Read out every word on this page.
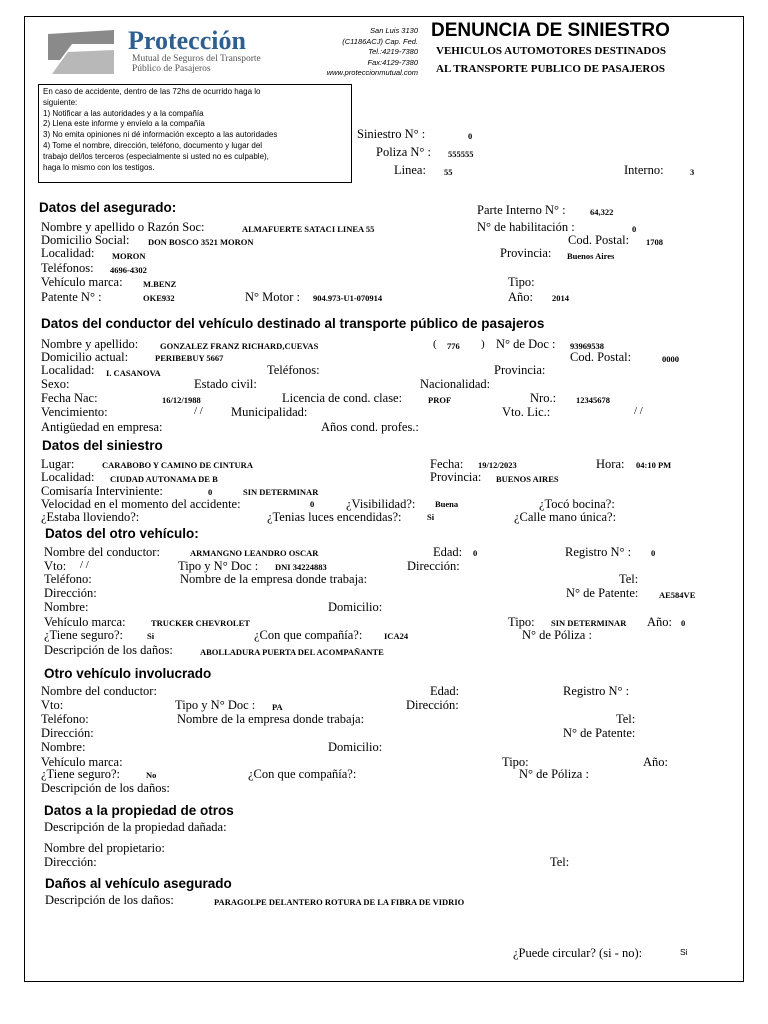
Protección
Mutual de Seguros del Transporte
Público de Pasajeros
San Luis 3130
(C1186ACJ) Cap. Fed.
Tel.:4219-7380
Fax:4129-7380
www.proteccionmutual.com
DENUNCIA DE SINIESTRO
VEHICULOS AUTOMOTORES DESTINADOS
AL TRANSPORTE PUBLICO DE PASAJEROS
En caso de accidente, dentro de las 72hs de ocurrido haga lo
siguiente:
1) Notificar a las autoridades y a la compañía
2) Llena este informe y envíelo a la compañía
3) No emita opiniones ni dé información excepto a las autoridades
4) Tome el nombre, dirección, teléfono, documento y lugar del
trabajo del/los terceros (especialmente si usted no es culpable),
haga lo mismo con los testigos.
Siniestro N° :	0
Poliza N° : 555555
Linea: 55	Interno:	3
Datos del asegurado:	Parte Interno N° :	64,322
Nombre y apellido o Razón Soc:	ALMAFUERTE SATACI LINEA 55	N° de habilitación :	0
Domicilio Social: DON BOSCO 3521 MORON	Cod. Postal: 1708
Localidad: MORON	Provincia: Buenos Aires
Teléfonos: 4696-4302
Vehículo marca: M.BENZ	Tipo:
Patente N° :	OKE932	N° Motor : 904.973-U1-070914	Año: 2014
Datos del conductor del vehículo destinado al transporte público de pasajeros
Nombre y apellido:	GONZALEZ FRANZ RICHARD,CUEVAS	( 776 ) N° de Doc : 93969538
Domicilio actual:	PERIBEBUY 5667	Cod. Postal:	0000
Localidad: I. CASANOVA	Teléfonos:	Provincia:
Sexo:	Estado civil:	Nacionalidad:
Fecha Nac:	16/12/1988	Licencia de cond. clase:	PROF	Nro.: 12345678
Vencimiento:	/ / Municipalidad:	Vto. Lic.:	/ /
Antigüedad en empresa:	Años cond. profes.:
Datos del siniestro
Lugar:	CARABOBO Y CAMINO DE CINTURA	Fecha: 19/12/2023	Hora: 04:10 PM
Localidad: CIUDAD AUTONAMA DE B	Provincia: BUENOS AIRES
Comisaría Interviniente:	0	SIN DETERMINAR
Velocidad en el momento del accidente:	0	¿Visibilidad?: Buena	¿Tocó bocina?:
¿Estaba lloviendo?:	¿Tenias luces encendidas?:	Si	¿Calle mano única?:
Datos del otro vehículo:
Nombre del conductor:	ARMANGNO LEANDRO OSCAR	Edad: 0	Registro N° : 0
Vto: / /	Tipo y N° Doc : DNI 34224883	Dirección:
Teléfono:	Nombre de la empresa donde trabaja:	Tel:
Dirección:	N° de Patente: AE584VE
Nombre:	Domicilio:
Vehículo marca:	TRUCKER CHEVROLET	Tipo: SIN DETERMINAR Año: 0
¿Tiene seguro?:	Si	¿Con que compañía?:	ICA24	N° de Póliza :
Descripción de los daños:	ABOLLADURA PUERTA DEL ACOMPAÑANTE
Otro vehículo involucrado
Nombre del conductor:	Edad:	Registro N° :
Vto:	Tipo y N° Doc : PA	Dirección:
Teléfono:	Nombre de la empresa donde trabaja:	Tel:
Dirección:	N° de Patente:
Nombre:	Domicilio:
Vehículo marca:	Tipo:	Año:
¿Tiene seguro?:	No	¿Con que compañía?:	N° de Póliza :
Descripción de los daños:
Datos a la propiedad de otros
Descripción de la propiedad dañada:
Nombre del propietario:
Dirección:	Tel:
Daños al vehículo asegurado
Descripción de los daños:	PARAGOLPE DELANTERO ROTURA DE LA FIBRA DE VIDRIO
¿Puede circular? (si - no):	Si
